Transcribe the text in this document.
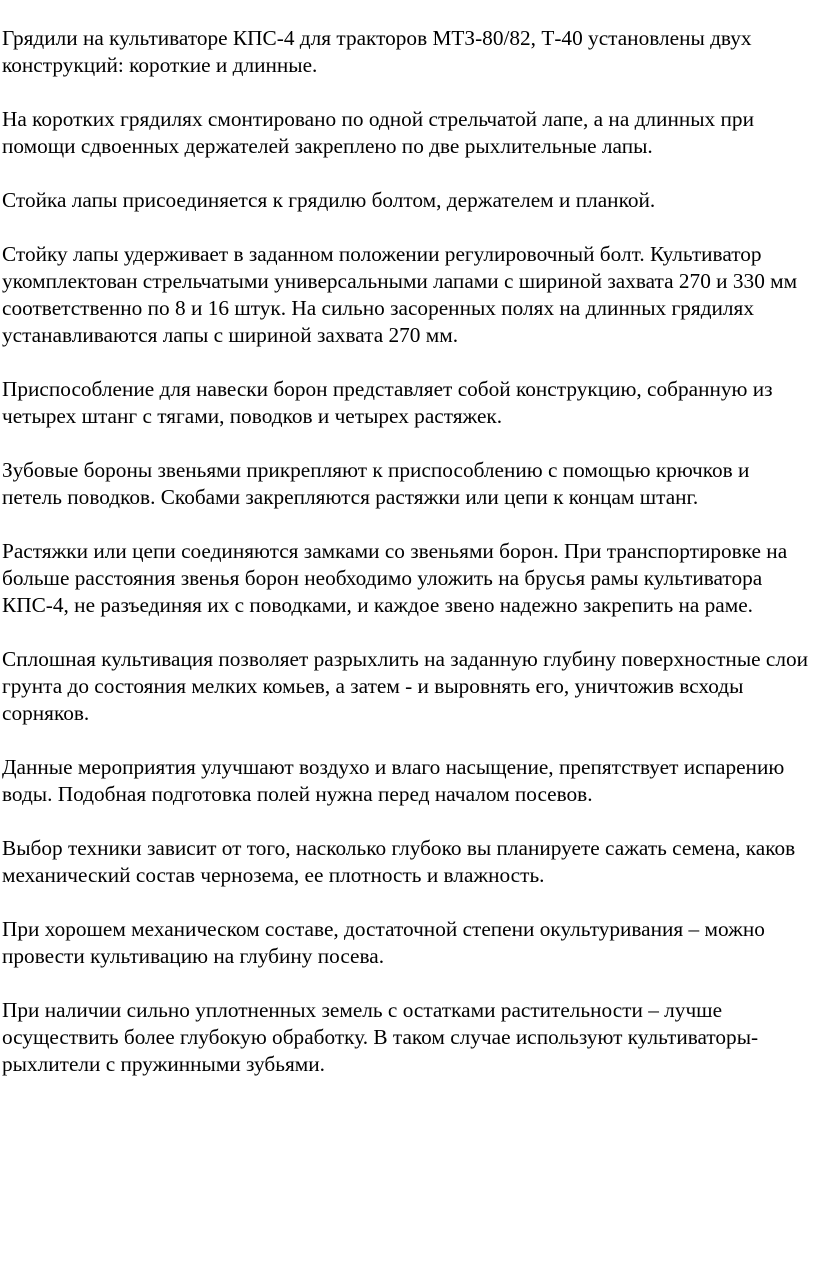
Грядили на культиваторе КПС-4 для тракторов МТЗ-80/82, Т-40 установлены двух конструкций: короткие и длинные.

На коротких грядилях смонтировано по одной стрельчатой лапе, а на длинных при помощи сдвоенных держателей закреплено по две рыхлительные лапы.

Стойка лапы присоединяется к грядилю болтом, держателем и планкой.

Стойку лапы удерживает в заданном положении регулировочный болт. Культиватор укомплектован стрельчатыми универсальными лапами с шириной захвата 270 и 330 мм соответственно по 8 и 16 штук. На сильно засоренных полях на длинных грядилях устанавливаются лапы с шириной захвата 270 мм.

Приспособление для навески борон представляет собой конструкцию, собранную из четырех штанг с тягами, поводков и четырех растяжек.

Зубовые бороны звеньями прикрепляют к приспособлению с помощью крючков и петель поводков. Скобами закрепляются растяжки или цепи к концам штанг.

Растяжки или цепи соединяются замками со звеньями борон. При транспортировке на больше расстояния звенья борон необходимо уложить на брусья рамы культиватора КПС-4, не разъединяя их с поводками, и каждое звено надежно закрепить на раме.

Сплошная культивация позволяет разрыхлить на заданную глубину поверхностные слои грунта до состояния мелких комьев, а затем - и выровнять его, уничтожив всходы сорняков.

Данные мероприятия улучшают воздухо и влаго насыщение, препятствует испарению воды. Подобная подготовка полей нужна перед началом посевов.

Выбор техники зависит от того, насколько глубоко вы планируете сажать семена, каков механический состав чернозема, ее плотность и влажность.

При хорошем механическом составе, достаточной степени окультуривания – можно провести культивацию на глубину посева.

При наличии сильно уплотненных земель с остатками растительности – лучше осуществить более глубокую обработку. В таком случае используют культиваторы-рыхлители с пружинными зубьями.
